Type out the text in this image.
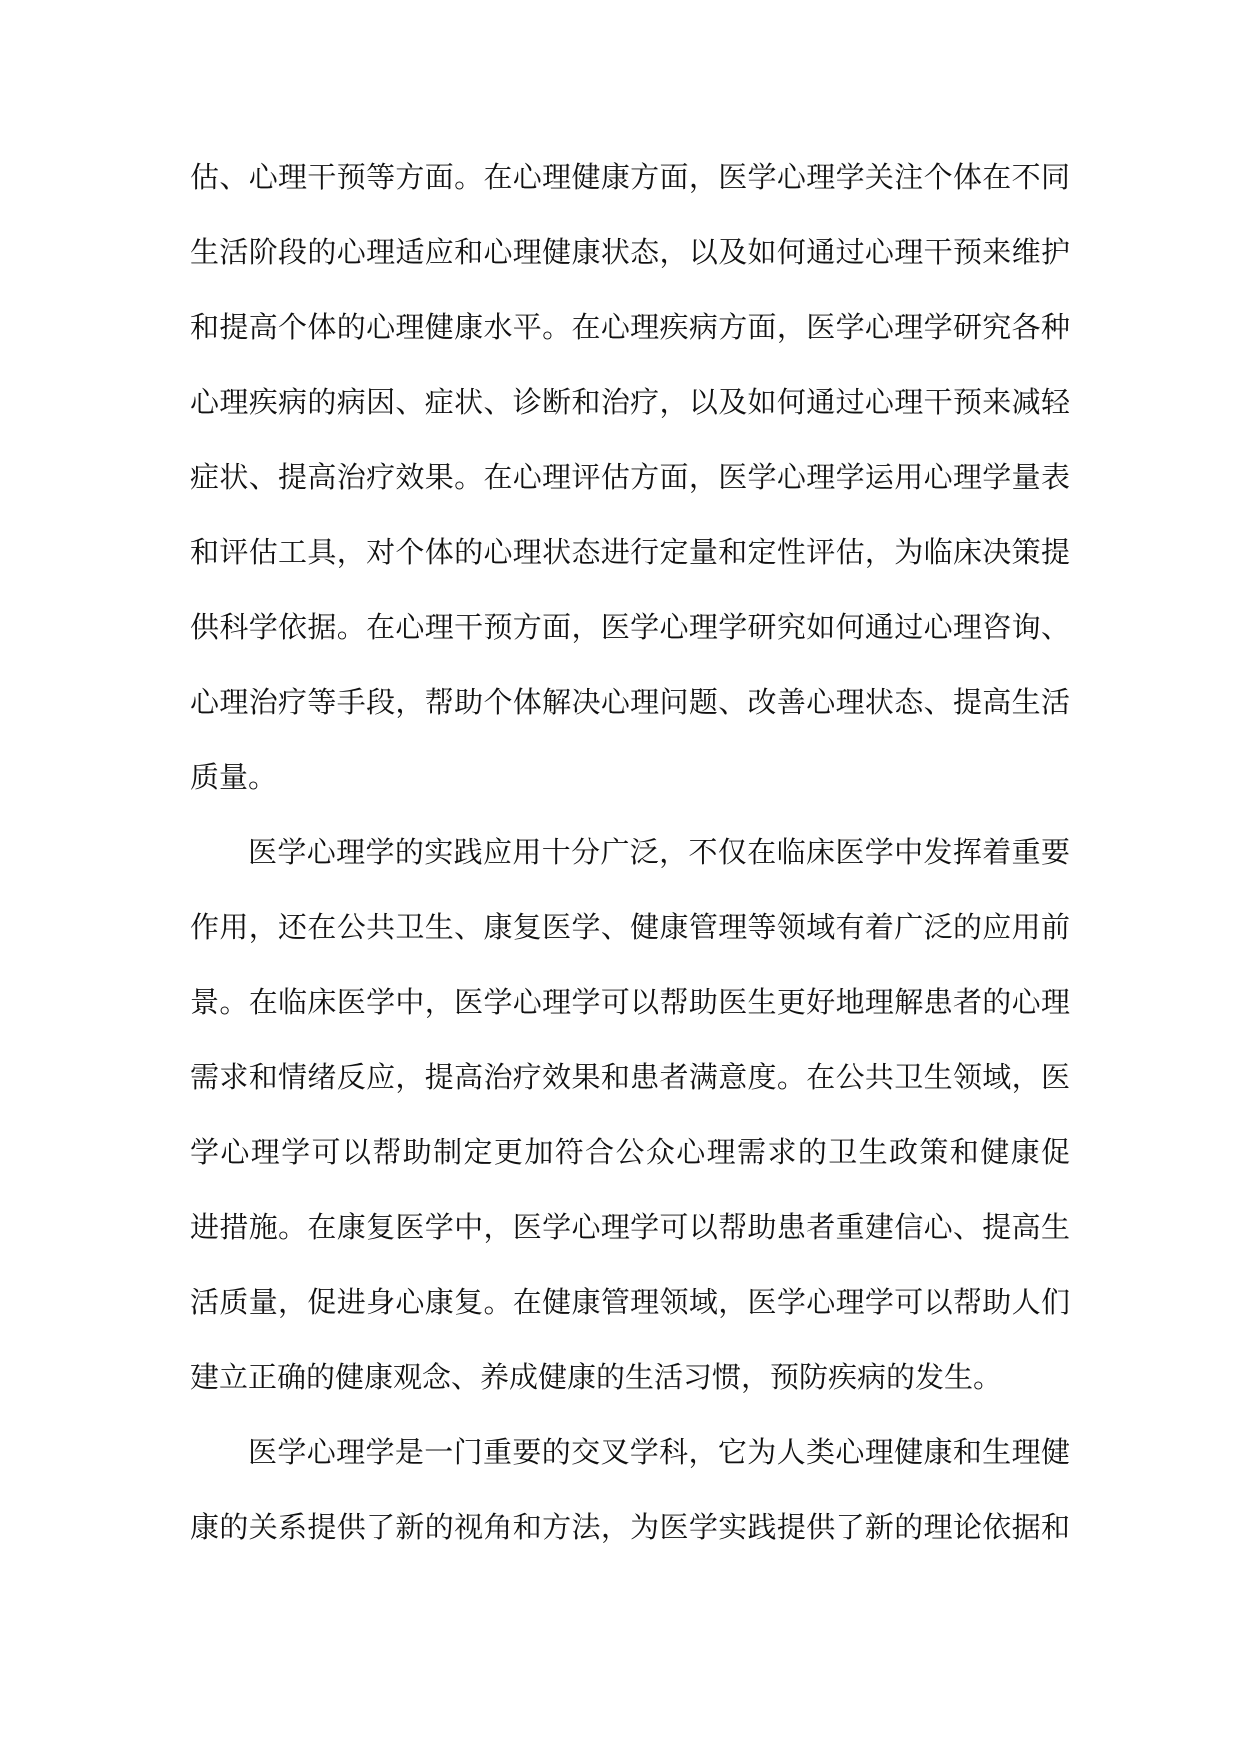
估、心理干预等方面。在心理健康方面，医学心理学关注个体在不同
生活阶段的心理适应和心理健康状态，以及如何通过心理干预来维护
和提高个体的心理健康水平。在心理疾病方面，医学心理学研究各种
心理疾病的病因、症状、诊断和治疗，以及如何通过心理干预来减轻
症状、提高治疗效果。在心理评估方面，医学心理学运用心理学量表
和评估工具，对个体的心理状态进行定量和定性评估，为临床决策提
供科学依据。在心理干预方面，医学心理学研究如何通过心理咨询、
心理治疗等手段，帮助个体解决心理问题、改善心理状态、提高生活
质量。
医学心理学的实践应用十分广泛，不仅在临床医学中发挥着重要
作用，还在公共卫生、康复医学、健康管理等领域有着广泛的应用前
景。在临床医学中，医学心理学可以帮助医生更好地理解患者的心理
需求和情绪反应，提高治疗效果和患者满意度。在公共卫生领域，医
学心理学可以帮助制定更加符合公众心理需求的卫生政策和健康促
进措施。在康复医学中，医学心理学可以帮助患者重建信心、提高生
活质量，促进身心康复。在健康管理领域，医学心理学可以帮助人们
建立正确的健康观念、养成健康的生活习惯，预防疾病的发生。
医学心理学是一门重要的交叉学科，它为人类心理健康和生理健
康的关系提供了新的视角和方法，为医学实践提供了新的理论依据和
